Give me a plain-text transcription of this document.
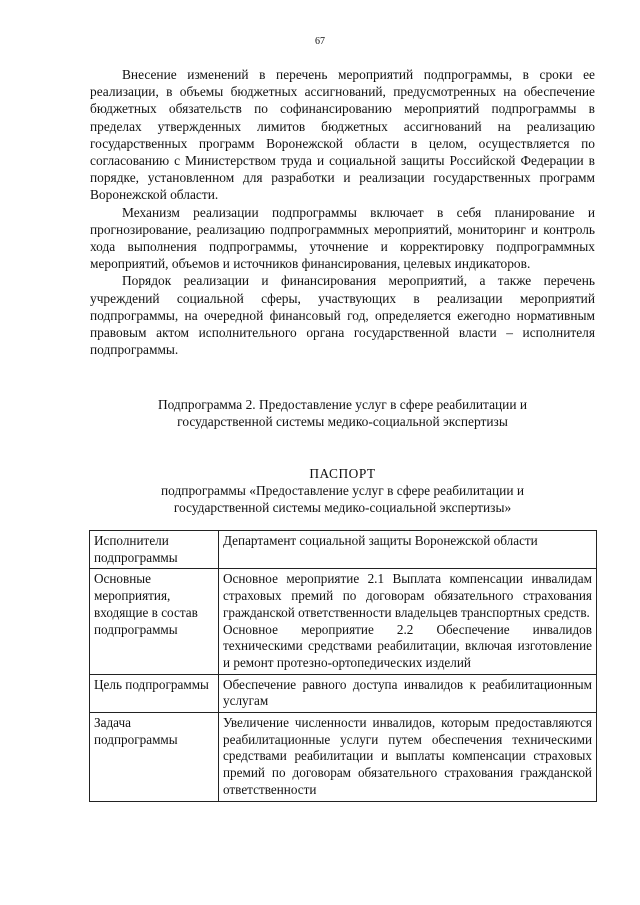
67

Внесение изменений в перечень мероприятий подпрограммы, в сроки ее реализации, в объемы бюджетных ассигнований, предусмотренных на обеспечение бюджетных обязательств по софинансированию мероприятий подпрограммы в пределах утвержденных лимитов бюджетных ассигнований на реализацию государственных программ Воронежской области в целом, осуществляется по согласованию с Министерством труда и социальной защиты Российской Федерации в порядке, установленном для разработки и реализации государственных программ Воронежской области.

Механизм реализации подпрограммы включает в себя планирование и прогнозирование, реализацию подпрограммных мероприятий, мониторинг и контроль хода выполнения подпрограммы, уточнение и корректировку подпрограммных мероприятий, объемов и источников финансирования, целевых индикаторов.

Порядок реализации и финансирования мероприятий, а также перечень учреждений социальной сферы, участвующих в реализации мероприятий подпрограммы, на очередной финансовый год, определяется ежегодно нормативным правовым актом исполнительного органа государственной власти – исполнителя подпрограммы.

Подпрограмма 2. Предоставление услуг в сфере реабилитации и
государственной системы медико-социальной экспертизы
ПАСПОРТ
подпрограммы «Предоставление услуг в сфере реабилитации и
государственной системы медико-социальной экспертизы»
Исполнители подпрограммы	Департамент социальной защиты Воронежской области

Основные мероприятия, входящие в состав подпрограммы	Основное мероприятие 2.1 Выплата компенсации инвалидам страховых премий по договорам обязательного страхования гражданской ответственности владельцев транспортных средств.

Основное мероприятие 2.2 Обеспечение инвалидов техническими средствами реабилитации, включая изготовление и ремонт протезно-ортопедических изделий

Цель подпрограммы	Обеспечение равного доступа инвалидов к реабилитационным услугам

Задача подпрограммы	Увеличение численности инвалидов, которым предоставляются реабилитационные услуги путем обеспечения техническими средствами реабилитации и выплаты компенсации страховых премий по договорам обязательного страхования гражданской ответственности
